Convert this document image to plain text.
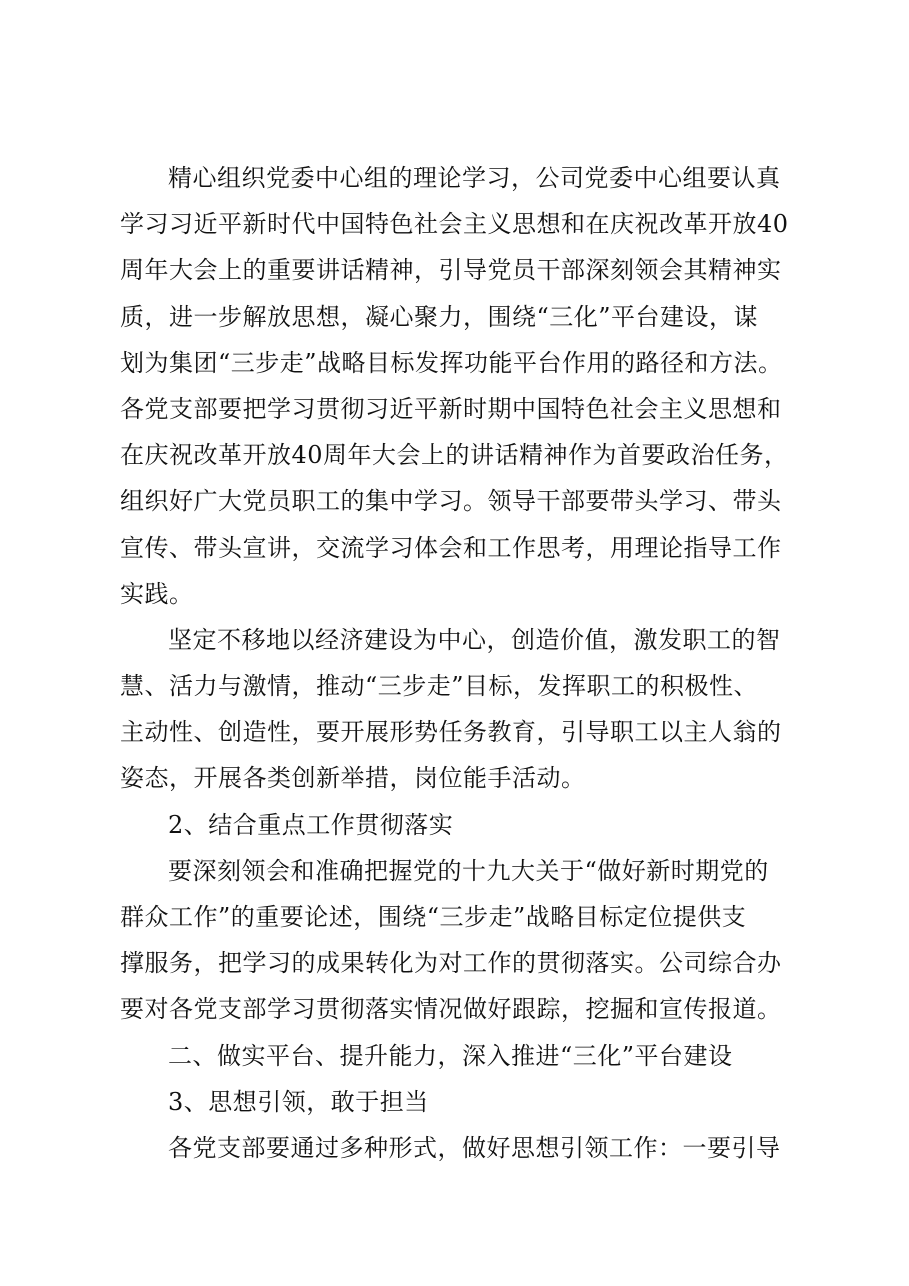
精心组织党委中心组的理论学习，公司党委中心组要认真
学习习近平新时代中国特色社会主义思想和在庆祝改革开放40
周年大会上的重要讲话精神，引导党员干部深刻领会其精神实
质，进一步解放思想，凝心聚力，围绕“三化”平台建设，谋
划为集团“三步走”战略目标发挥功能平台作用的路径和方法。
各党支部要把学习贯彻习近平新时期中国特色社会主义思想和
在庆祝改革开放40周年大会上的讲话精神作为首要政治任务，
组织好广大党员职工的集中学习。领导干部要带头学习、带头
宣传、带头宣讲，交流学习体会和工作思考，用理论指导工作
实践。
坚定不移地以经济建设为中心，创造价值，激发职工的智
慧、活力与激情，推动“三步走”目标，发挥职工的积极性、
主动性、创造性，要开展形势任务教育，引导职工以主人翁的
姿态，开展各类创新举措，岗位能手活动。
2、结合重点工作贯彻落实
要深刻领会和准确把握党的十九大关于“做好新时期党的
群众工作”的重要论述，围绕“三步走”战略目标定位提供支
撑服务，把学习的成果转化为对工作的贯彻落实。公司综合办
要对各党支部学习贯彻落实情况做好跟踪，挖掘和宣传报道。
二、做实平台、提升能力，深入推进“三化”平台建设
3、思想引领，敢于担当
各党支部要通过多种形式，做好思想引领工作：一要引导
